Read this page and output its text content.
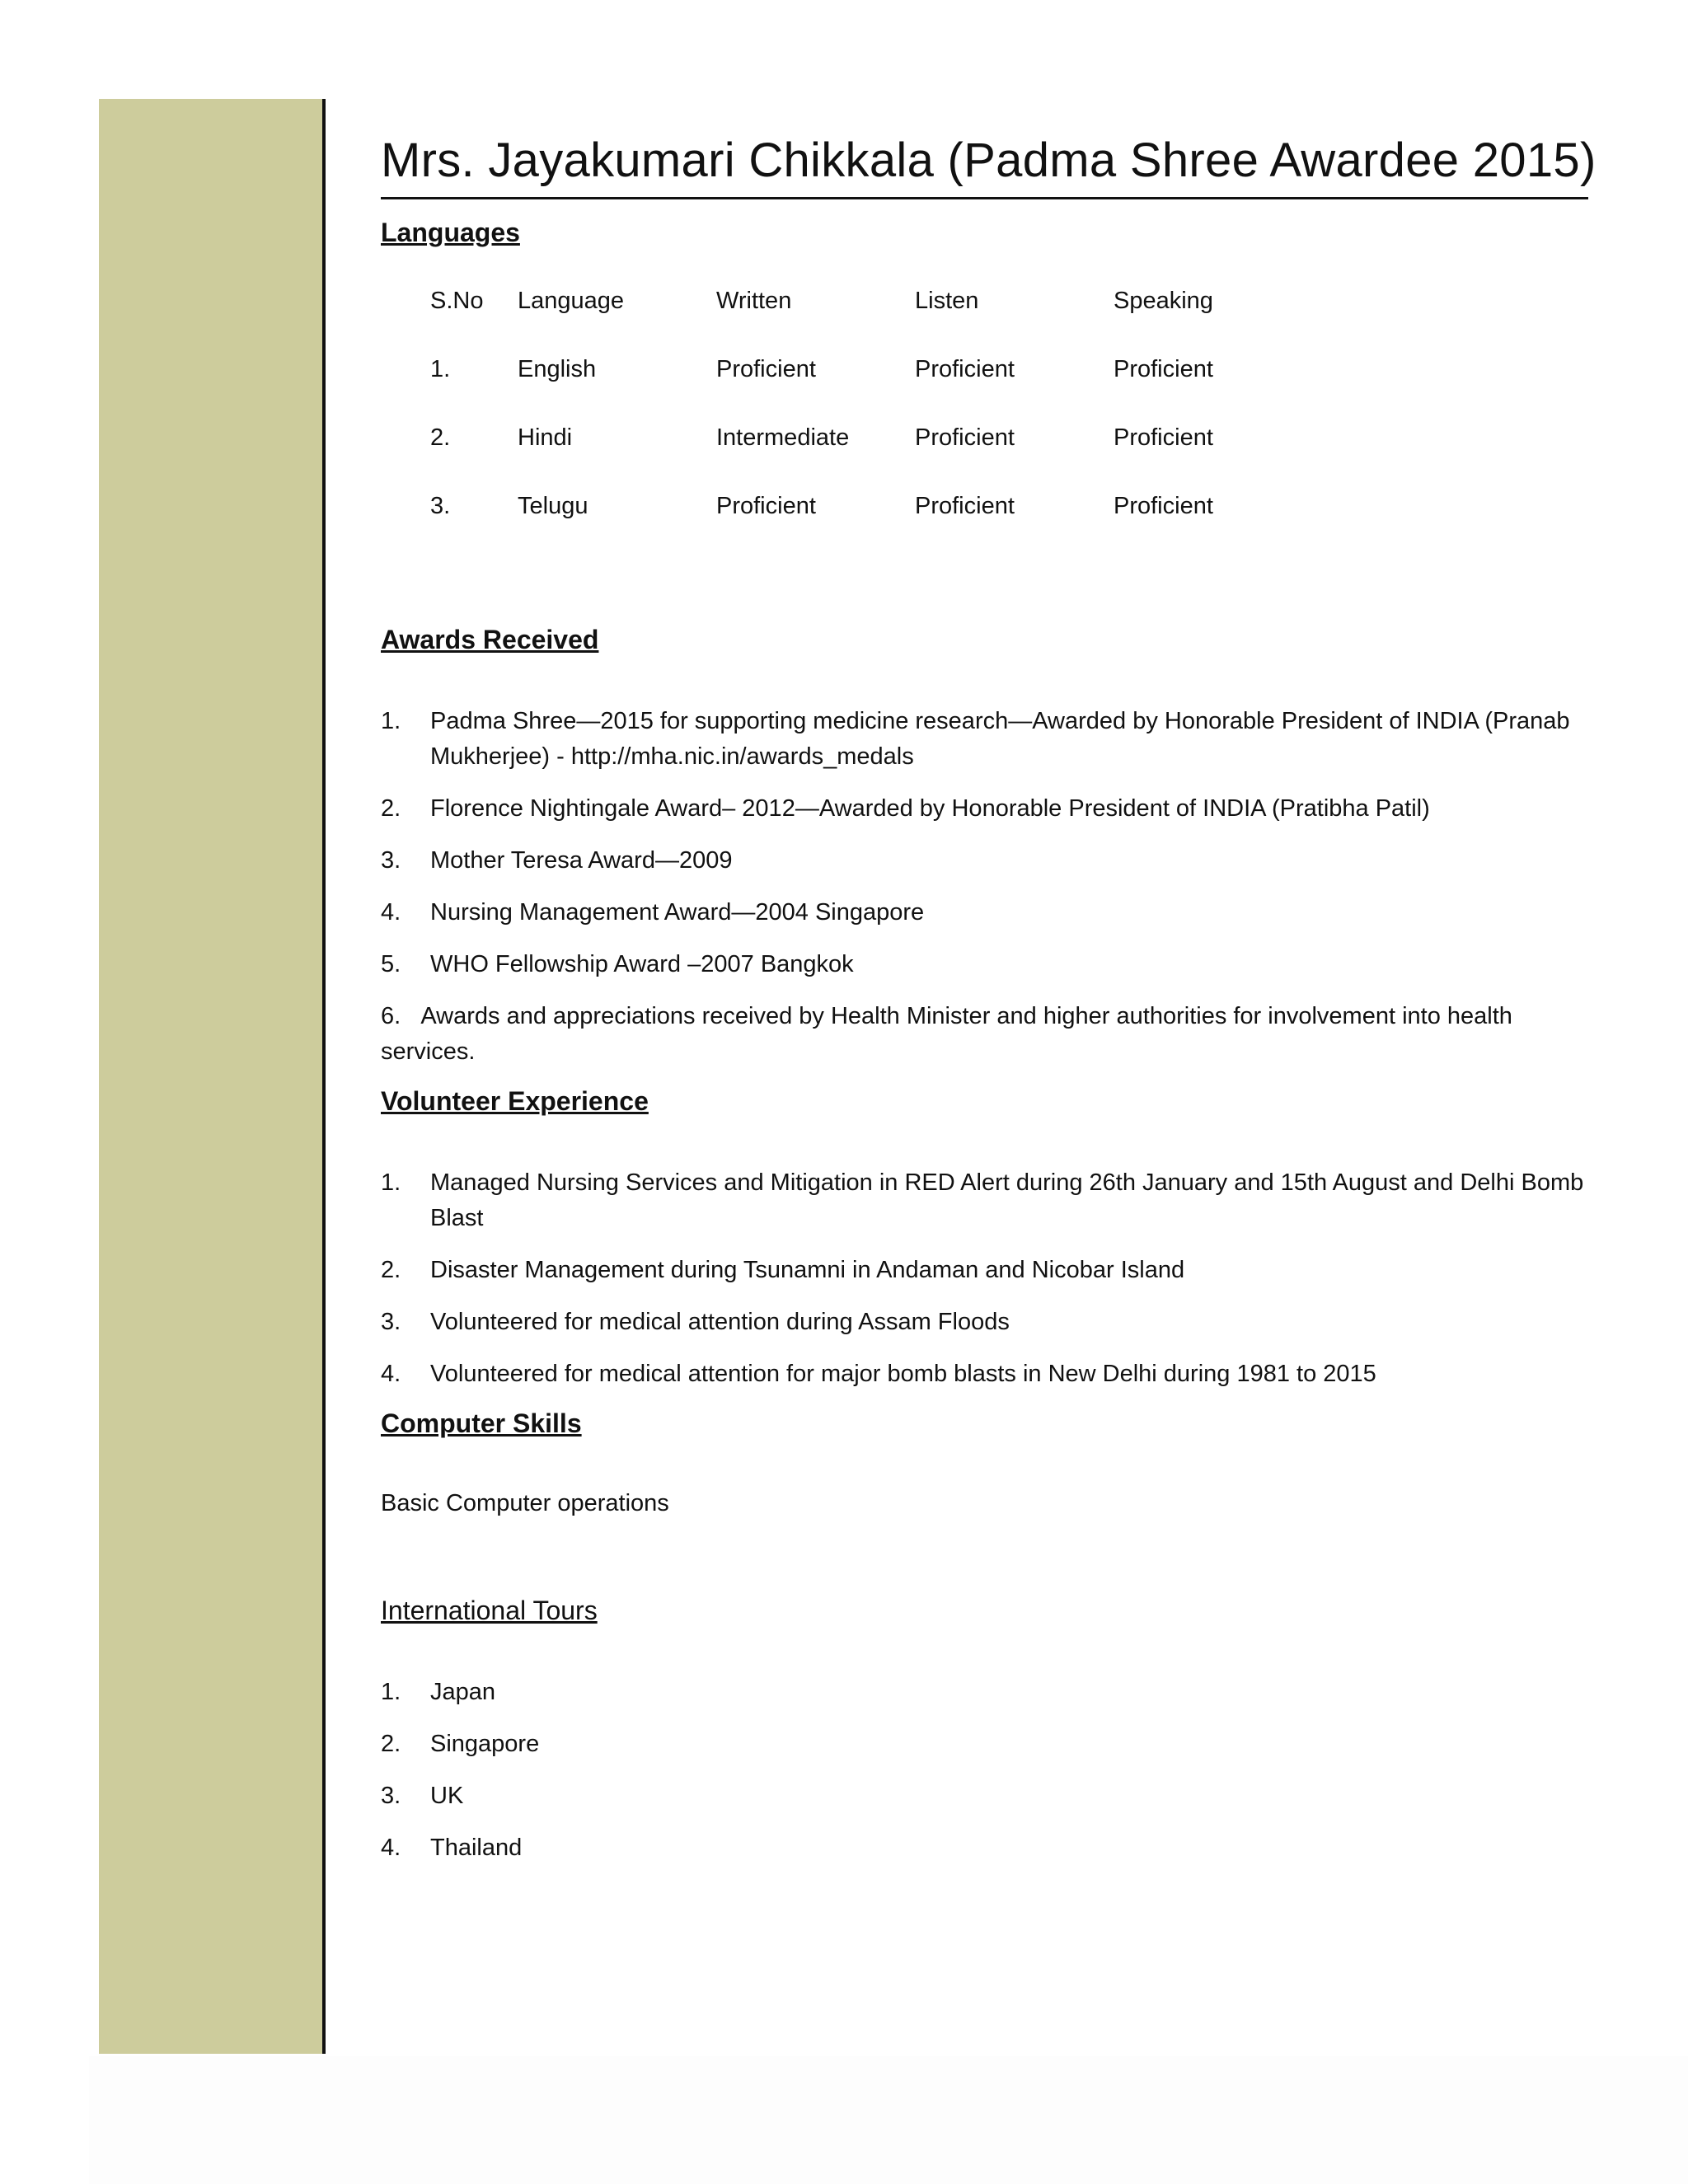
Mrs. Jayakumari Chikkala (Padma Shree Awardee 2015)
Languages
S.No	Language	Written	Listen	Speaking
1.	English	Proficient	Proficient	Proficient
2.	Hindi	Intermediate	Proficient	Proficient
3.	Telugu	Proficient	Proficient	Proficient
Awards Received
1. Padma Shree—2015 for supporting medicine research—Awarded by Honorable President of INDIA (Pranab Mukherjee) - http://mha.nic.in/awards_medals
2. Florence Nightingale Award– 2012—Awarded by Honorable President of INDIA (Pratibha Patil)
3. Mother Teresa Award—2009
4. Nursing Management Award—2004 Singapore
5. WHO Fellowship Award –2007 Bangkok
6. Awards and appreciations received by Health Minister and higher authorities for involvement into health services.
Volunteer Experience
1. Managed Nursing Services and Mitigation in RED Alert during 26th January and 15th August and Delhi Bomb Blast
2. Disaster Management during Tsunamni in Andaman and Nicobar Island
3. Volunteered for medical attention during Assam Floods
4. Volunteered for medical attention for major bomb blasts in New Delhi during 1981 to 2015
Computer Skills

Basic Computer operations

International Tours
1. Japan
2. Singapore
3. UK
4. Thailand
